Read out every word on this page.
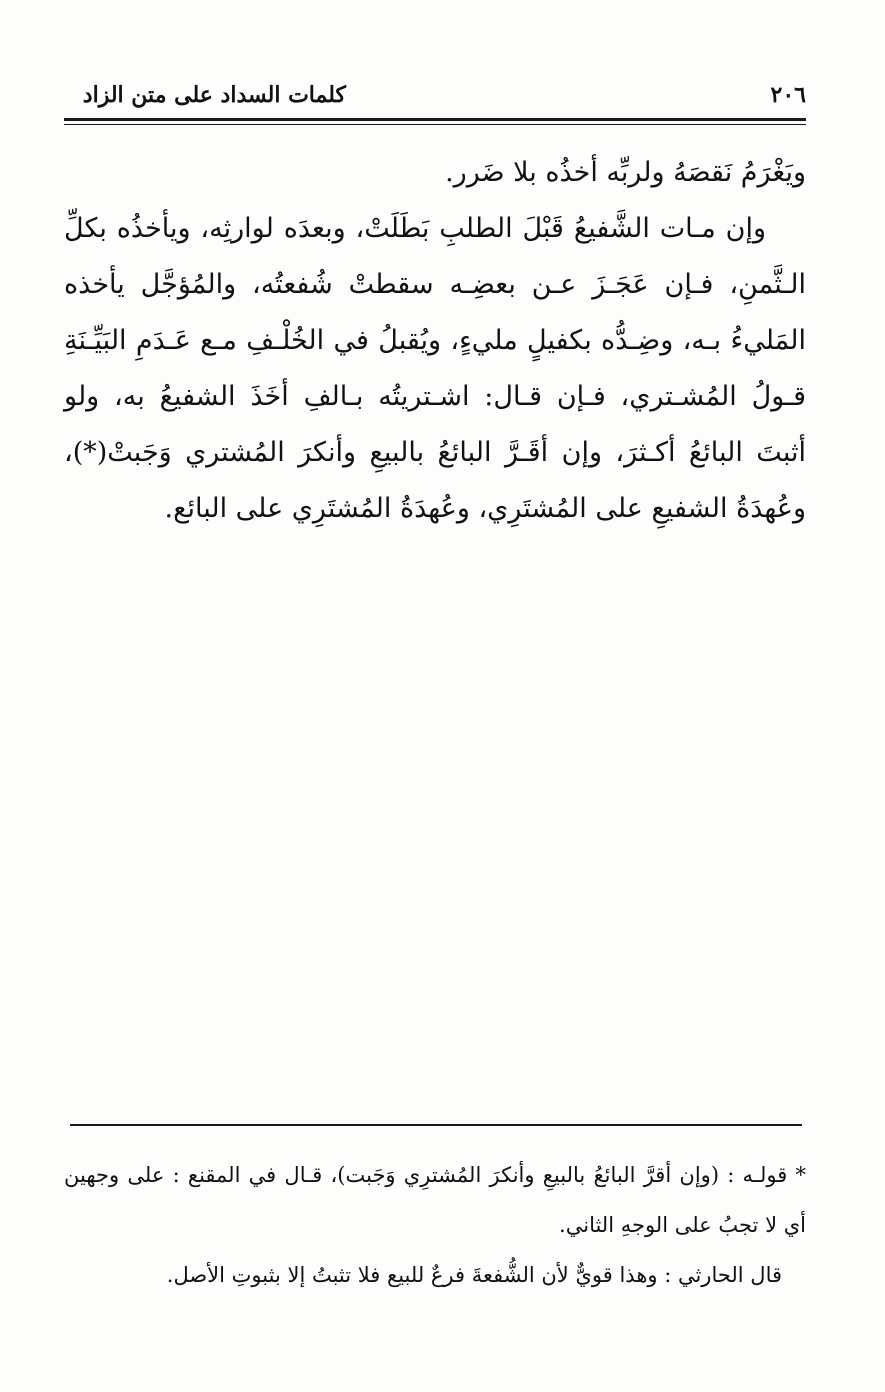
كلمات السداد على متن الزاد	٢٠٦

ويَغْرَمُ نَقصَهُ ولربِّه أخذُه بلا ضَرر.

وإن مـات الشَّفيعُ قَبْلَ الطلبِ بَطَلَتْ، وبعدَه لوارثِه، ويأخذُه بكلِّ الـثَّمنِ، فـإن عَجَـزَ عـن بعضِـه سقطتْ شُفعتُه، والمُؤجَّل يأخذه المَليءُ بـه، وضِـدُّه بكفيلٍ مليءٍ، ويُقبلُ في الخُلْـفِ مـع عَـدَمِ البَيِّـنَةِ قـولُ المُشـتري، فـإن قـال: اشـتريتُه بـالفِ أخَذَ الشفيعُ به، ولو أثبتَ البائعُ أكـثرَ، وإن أقَـرَّ البائعُ بالبيعِ وأنكرَ المُشتري وَجَبتْ(*)، وعُهدَةُ الشفيعِ على المُشتَرِي، وعُهدَةُ المُشتَرِي على البائع.

* قولـه : (وإن أقرَّ البائعُ بالبيعِ وأنكرَ المُشترِي وَجَبت)، قـال في المقنع : على وجهين أي لا تجبُ على الوجهِ الثاني.

قال الحارثي : وهذا قويٌّ لأن الشُّفعةَ فرعٌ للبيع فلا تثبتُ إلا بثبوتِ الأصل.
